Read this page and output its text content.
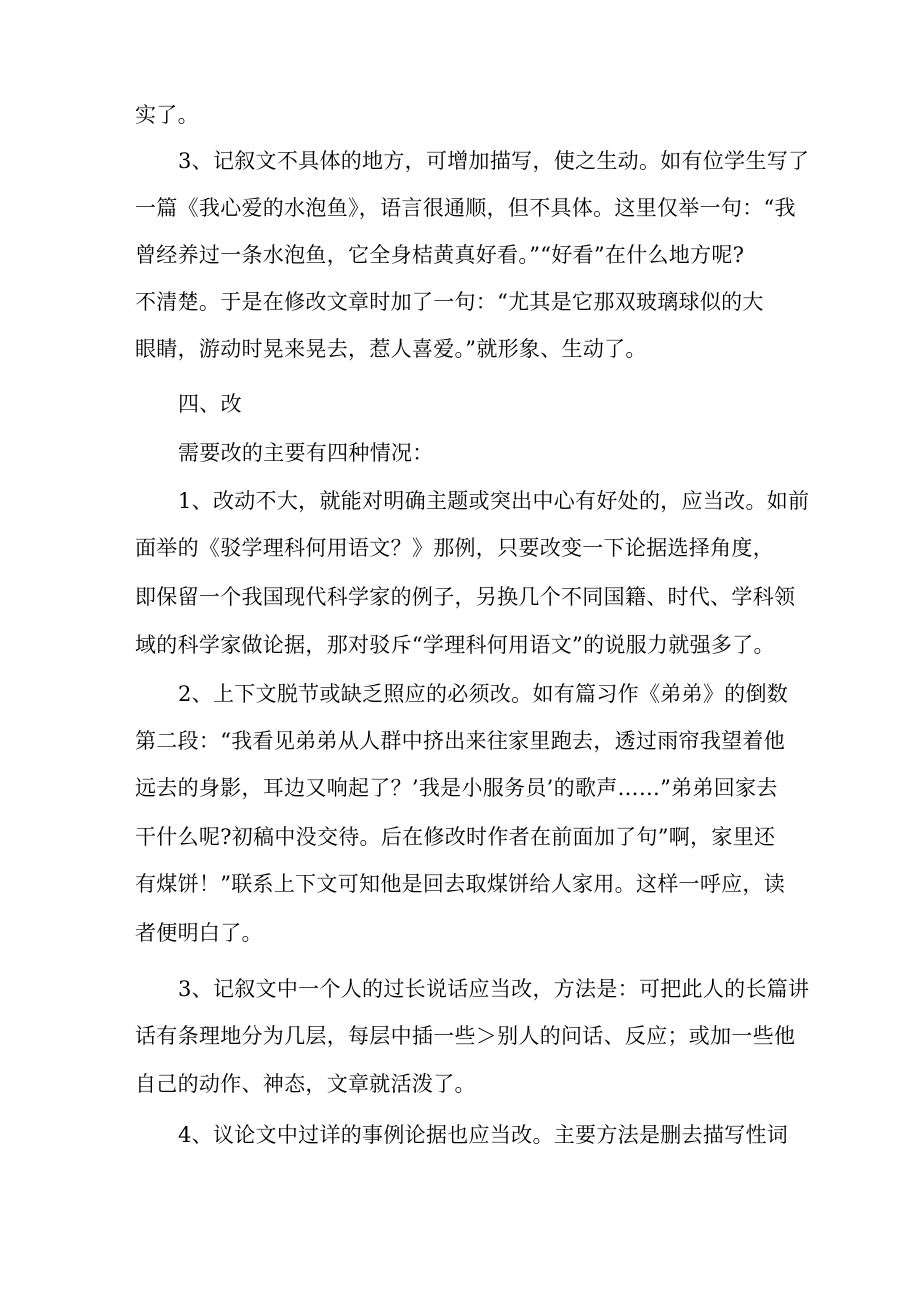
实了。
3、记叙文不具体的地方，可增加描写，使之生动。如有位学生写了
一篇《我心爱的水泡鱼》，语言很通顺，但不具体。这里仅举一句：“我
曾经养过一条水泡鱼，它全身桔黄真好看。”“好看”在什么地方呢?
不清楚。于是在修改文章时加了一句：“尤其是它那双玻璃球似的大
眼睛，游动时晃来晃去，惹人喜爱。”就形象、生动了。
四、改
需要改的主要有四种情况：
1、改动不大，就能对明确主题或突出中心有好处的，应当改。如前
面举的《驳学理科何用语文？》那例，只要改变一下论据选择角度，
即保留一个我国现代科学家的例子，另换几个不同国籍、时代、学科领
域的科学家做论据，那对驳斥“学理科何用语文”的说服力就强多了。
2、上下文脱节或缺乏照应的必须改。如有篇习作《弟弟》的倒数
第二段：“我看见弟弟从人群中挤出来往家里跑去，透过雨帘我望着他
远去的身影，耳边又响起了？’我是小服务员’的歌声……”弟弟回家去
干什么呢?初稿中没交待。后在修改时作者在前面加了句”啊，家里还
有煤饼！”联系上下文可知他是回去取煤饼给人家用。这样一呼应，读
者便明白了。
3、记叙文中一个人的过长说话应当改，方法是：可把此人的长篇讲
话有条理地分为几层，每层中插一些＞别人的问话、反应；或加一些他
自己的动作、神态，文章就活泼了。
4、议论文中过详的事例论据也应当改。主要方法是删去描写性词
